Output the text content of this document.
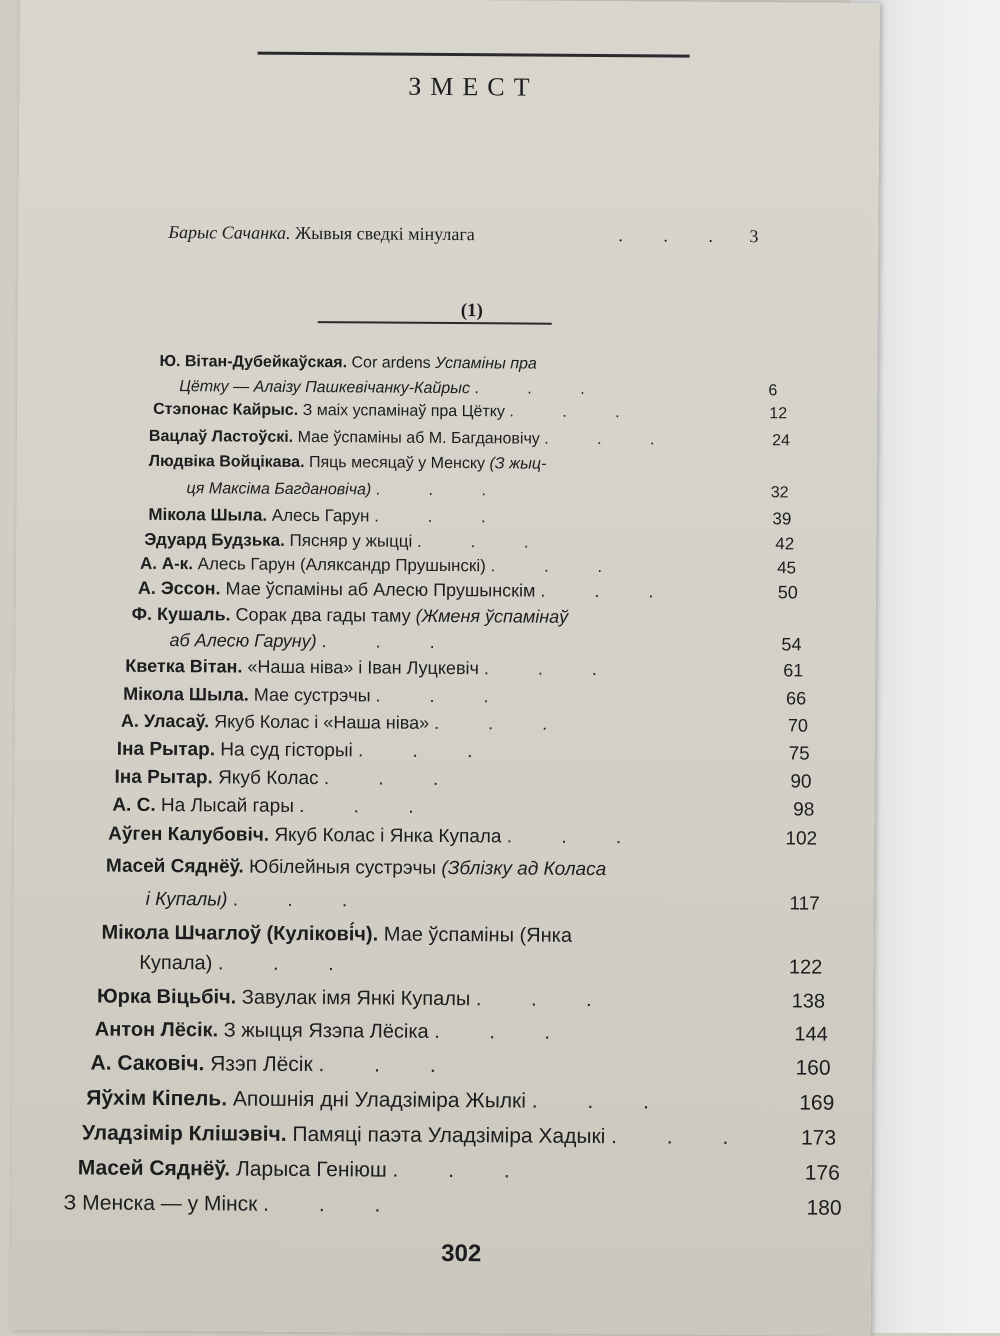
ЗМЕСТ
Барыс Сачанка. Жывыя сведкі мінулага	. . . 3
(1)
Ю. Вітан-Дубейкаўская. Cor ardens Успаміны пра
Цётку — Алаізу Пашкевічанку-Кайрыс . . .	6
Стэпонас Кайрыс. З маіх успамінаў пра Цётку . . .	12
Вацлаў Ластоўскі. Мае ўспаміны аб М. Багдановічу . . .	24
Людвіка Войцікава. Пяць месяцаў у Менску (З жыц-
ця Максіма Багдановіча) . . .	32
Мікола Шыла. Алесь Гарун . . .	39
Эдуард Будзька. Пясняр у жыцці . . .	42
А. А-к. Алесь Гарун (Аляксандр Прушынскі) . . .	45
А. Эссон. Мае ўспаміны аб Алесю Прушынскім . . .	50
Ф. Кушаль. Сорак два гады таму (Жменя ўспамінаў
аб Алесю Гаруну) . . .	54
Кветка Вітан. «Наша ніва» і Іван Луцкевіч . . .	61
Мікола Шыла. Мае сустрэчы . . .	66
А. Уласаў. Якуб Колас і «Наша ніва» . . .	70
Іна Рытар. На суд гісторыі . . .	75
Іна Рытар. Якуб Колас . . .	90
А. С. На Лысай гары . . .	98
Аўген Калубовіч. Якуб Колас і Янка Купала . . .	102
Масей Сяднёў. Юбілейныя сустрэчы (Зблізку ад Коласа
і Купалы) . . .	117
Мікола Шчаглоў (Кулікові́ч). Мае ўспаміны (Янка
Купала) . . .	122
Юрка Віцьбіч. Завулак імя Янкі Купалы . . .	138
Антон Лёсік. З жыцця Язэпа Лёсіка . . .	144
А. Саковіч. Язэп Лёсік . . .	160
Яўхім Кіпель. Апошнія дні Уладзіміра Жылкі . . .	169
Уладзімір Клішэвіч. Памяці паэта Уладзіміра Хадыкі . . . 173
Масей Сяднёў. Ларыса Геніюш . . .	176
З Менска — у Мінск . . .	180
302
